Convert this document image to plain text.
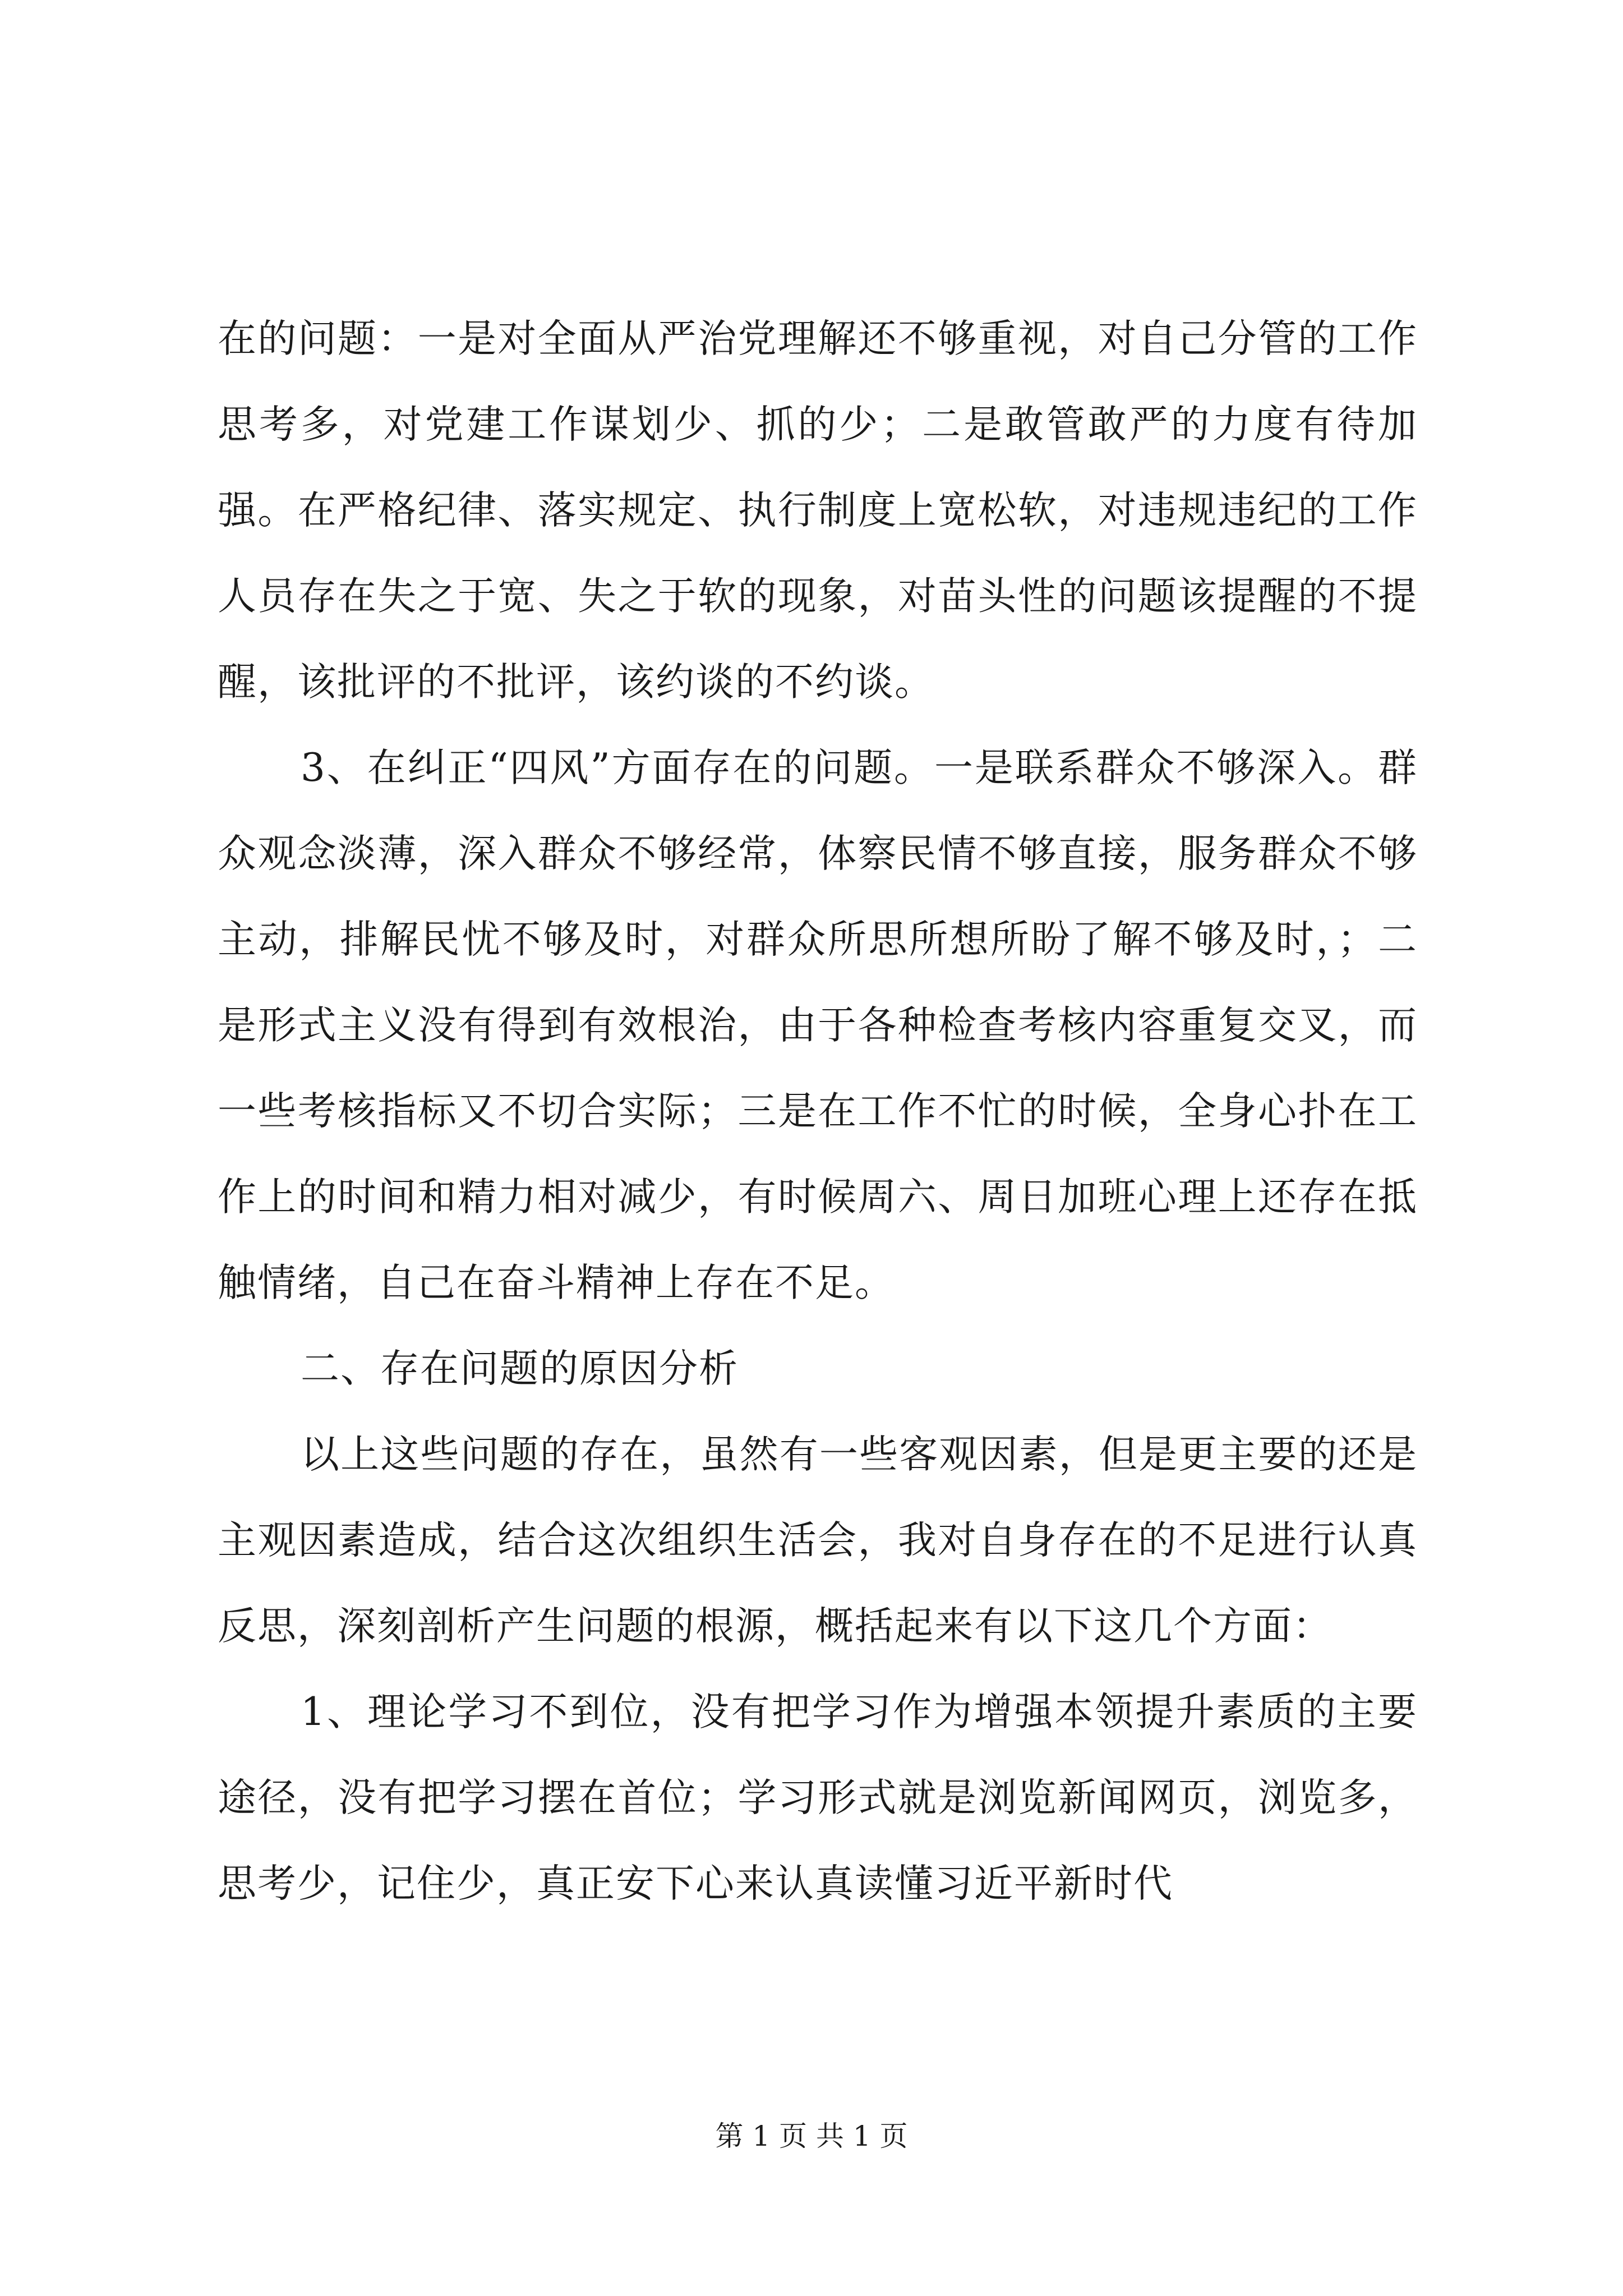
在的问题：一是对全面从严治党理解还不够重视，对自己分管的工作思考多，对党建工作谋划少、抓的少；二是敢管敢严的力度有待加强。在严格纪律、落实规定、执行制度上宽松软，对违规违纪的工作人员存在失之于宽、失之于软的现象，对苗头性的问题该提醒的不提醒，该批评的不批评，该约谈的不约谈。

3、在纠正“四风”方面存在的问题。一是联系群众不够深入。群众观念淡薄，深入群众不够经常，体察民情不够直接，服务群众不够主动，排解民忧不够及时，对群众所思所想所盼了解不够及时，；二是形式主义没有得到有效根治，由于各种检查考核内容重复交叉，而一些考核指标又不切合实际；三是在工作不忙的时候，全身心扑在工作上的时间和精力相对减少，有时候周六、周日加班心理上还存在抵触情绪，自己在奋斗精神上存在不足。

二、存在问题的原因分析

以上这些问题的存在，虽然有一些客观因素，但是更主要的还是主观因素造成，结合这次组织生活会，我对自身存在的不足进行认真反思，深刻剖析产生问题的根源，概括起来有以下这几个方面：

1、理论学习不到位，没有把学习作为增强本领提升素质的主要途径，没有把学习摆在首位；学习形式就是浏览新闻网页，浏览多，思考少，记住少，真正安下心来认真读懂习近平新时代

第 1 页 共 1 页
